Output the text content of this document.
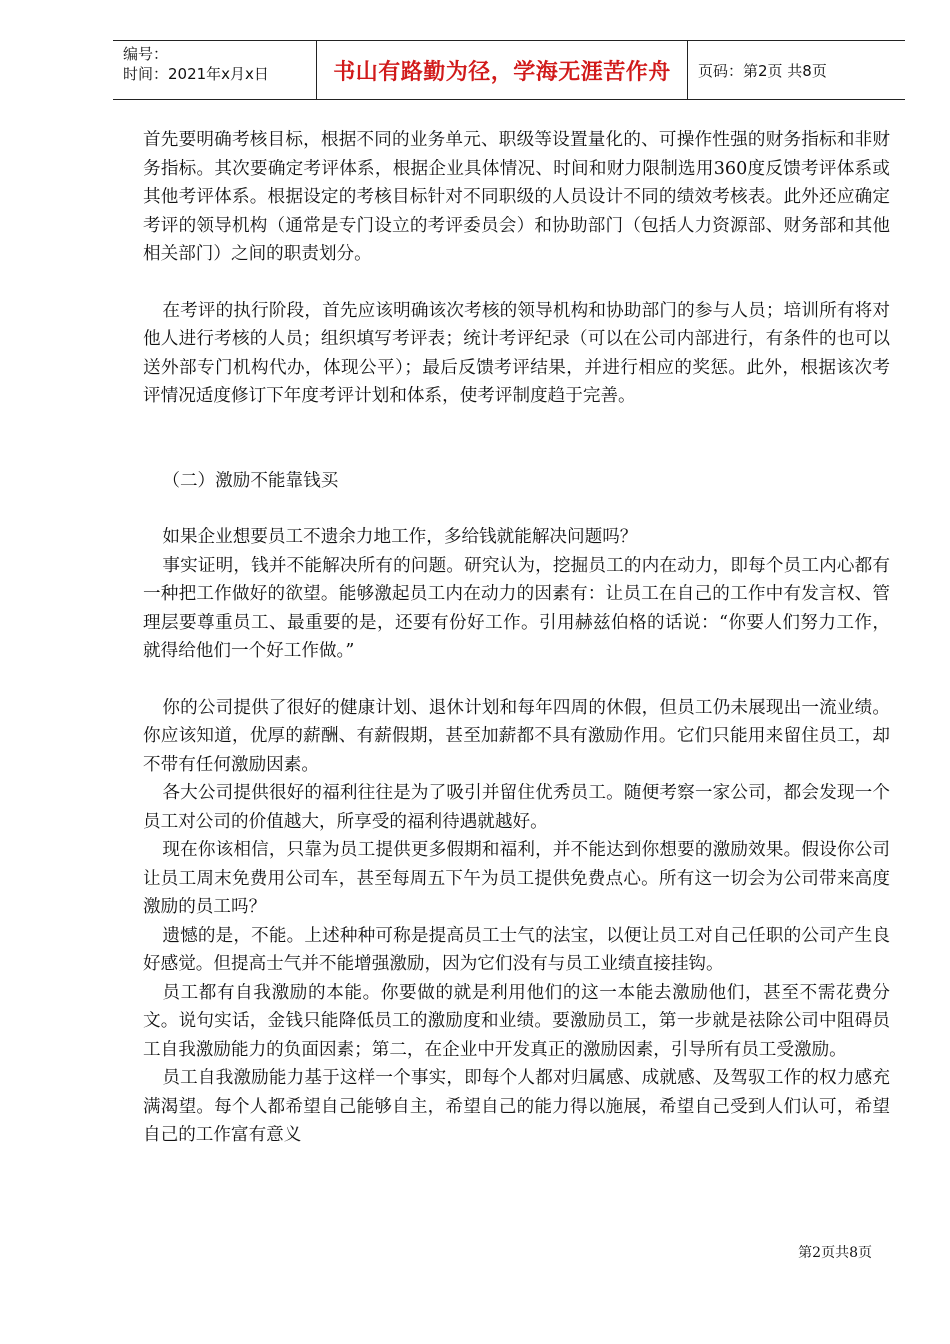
编号：
时间：2021年x月x日	书山有路勤为径，学海无涯苦作舟	页码：第2页 共8页

首先要明确考核目标，根据不同的业务单元、职级等设置量化的、可操作性强的财务指标和非财务指标。其次要确定考评体系，根据企业具体情况、时间和财力限制选用360度反馈考评体系或其他考评体系。根据设定的考核目标针对不同职级的人员设计不同的绩效考核表。此外还应确定考评的领导机构（通常是专门设立的考评委员会）和协助部门（包括人力资源部、财务部和其他相关部门）之间的职责划分。

在考评的执行阶段，首先应该明确该次考核的领导机构和协助部门的参与人员；培训所有将对他人进行考核的人员；组织填写考评表；统计考评纪录（可以在公司内部进行，有条件的也可以送外部专门机构代办，体现公平）；最后反馈考评结果，并进行相应的奖惩。此外，根据该次考评情况适度修订下年度考评计划和体系，使考评制度趋于完善。

（二）激励不能靠钱买

如果企业想要员工不遗余力地工作，多给钱就能解决问题吗？

事实证明，钱并不能解决所有的问题。研究认为，挖掘员工的内在动力，即每个员工内心都有一种把工作做好的欲望。能够激起员工内在动力的因素有：让员工在自己的工作中有发言权、管理层要尊重员工、最重要的是，还要有份好工作。引用赫兹伯格的话说：“你要人们努力工作，就得给他们一个好工作做。”

你的公司提供了很好的健康计划、退休计划和每年四周的休假，但员工仍未展现出一流业绩。你应该知道，优厚的薪酬、有薪假期，甚至加薪都不具有激励作用。它们只能用来留住员工，却不带有任何激励因素。

各大公司提供很好的福利往往是为了吸引并留住优秀员工。随便考察一家公司，都会发现一个员工对公司的价值越大，所享受的福利待遇就越好。

现在你该相信，只靠为员工提供更多假期和福利，并不能达到你想要的激励效果。假设你公司让员工周末免费用公司车，甚至每周五下午为员工提供免费点心。所有这一切会为公司带来高度激励的员工吗？

遗憾的是，不能。上述种种可称是提高员工士气的法宝，以便让员工对自己任职的公司产生良好感觉。但提高士气并不能增强激励，因为它们没有与员工业绩直接挂钩。

员工都有自我激励的本能。你要做的就是利用他们的这一本能去激励他们，甚至不需花费分文。说句实话，金钱只能降低员工的激励度和业绩。要激励员工，第一步就是祛除公司中阻碍员工自我激励能力的负面因素；第二，在企业中开发真正的激励因素，引导所有员工受激励。

员工自我激励能力基于这样一个事实，即每个人都对归属感、成就感、及驾驭工作的权力感充满渴望。每个人都希望自己能够自主，希望自己的能力得以施展，希望自己受到人们认可，希望自己的工作富有意义

第2页共8页
